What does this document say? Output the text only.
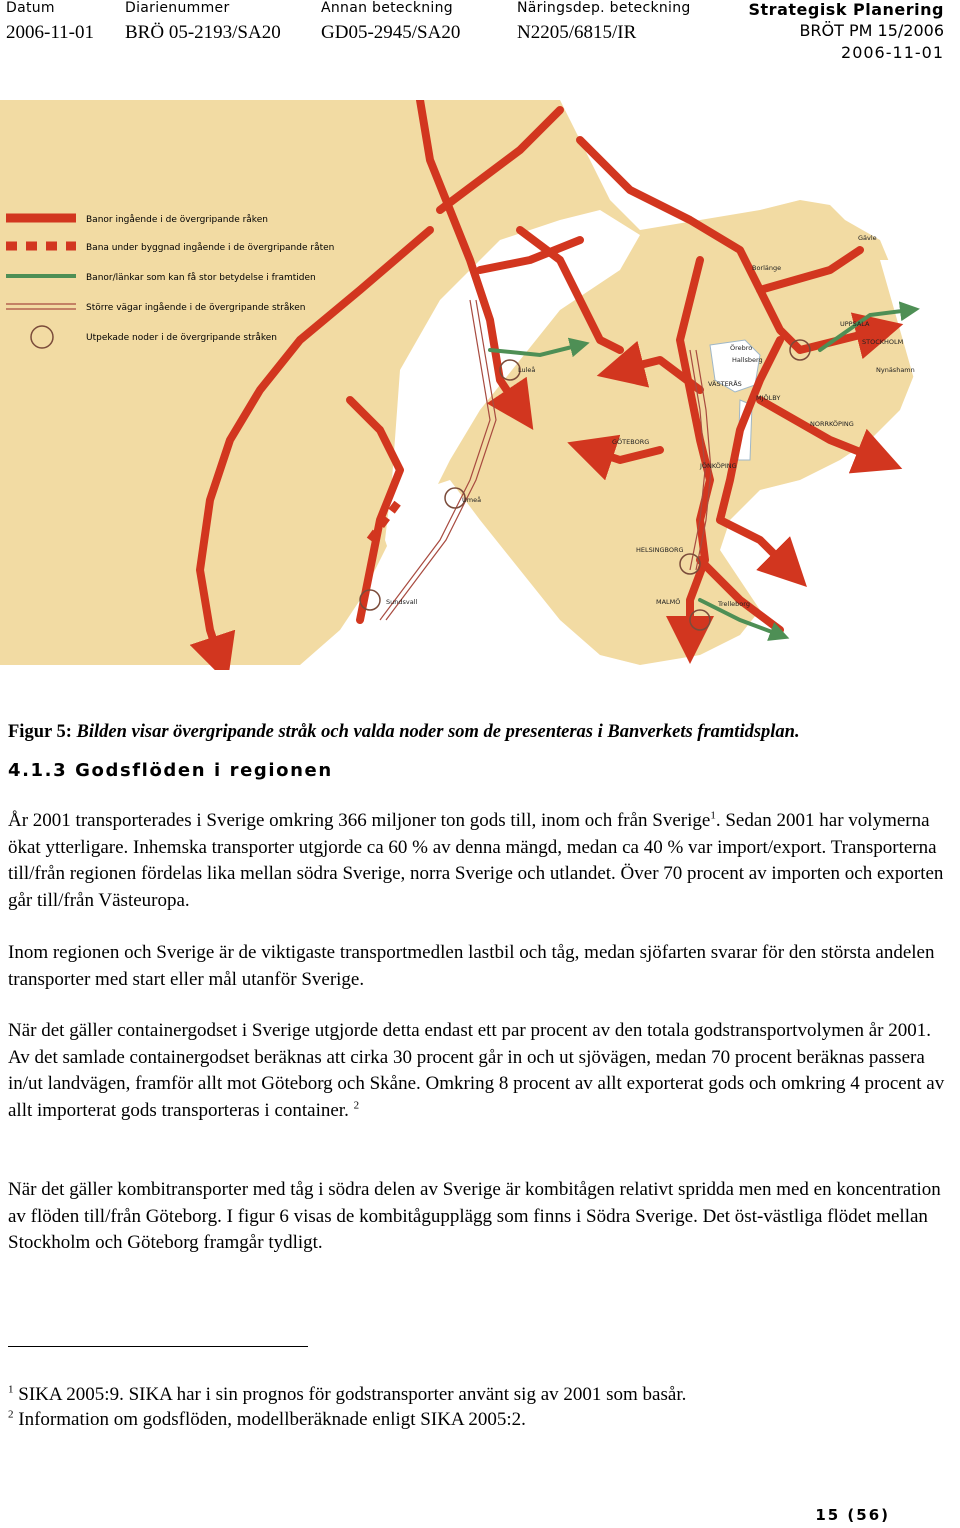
Datum
2006-11-01
Diarienummer
BRÖ 05-2193/SA20
Annan beteckning
GD05-2945/SA20
Näringsdep. beteckning
N2205/6815/IR
Strategisk Planering
BRÖT PM 15/2006
2006-11-01
Banor ingående i de övergripande råken
Bana under byggnad ingående i de övergripande råten
Banor/länkar som kan få stor betydelse i framtiden
Större vägar ingående i de övergripande stråken
Utpekade noder i de övergripande stråken
Luleå
Umeå
Sundsvall
Gävle
Borlänge
UPPSALA
STOCKHOLM
Nynäshamn
Örebro
Hallsberg
VÄSTERÅS
MJÖLBY
NORRKÖPING
GÖTEBORG
JÖNKÖPING
HELSINGBORG
MALMÖ	Trelleborg
Figur 5: Bilden visar övergripande stråk och valda noder som de presenteras i Banverkets framtidsplan.
4.1.3 Godsflöden i regionen
År 2001 transporterades i Sverige omkring 366 miljoner ton gods till, inom och från Sverige$^1$. Sedan 2001 har volymerna ökat ytterligare. Inhemska transporter utgjorde ca 60 % av denna mängd, medan ca 40 % var import/export. Transporterna till/från regionen fördelas lika mellan södra Sverige, norra Sverige och utlandet. Över 70 procent av importen och exporten går till/från Västeuropa.
Inom regionen och Sverige är de viktigaste transportmedlen lastbil och tåg, medan sjöfarten svarar för den största andelen transporter med start eller mål utanför Sverige.
När det gäller containergodset i Sverige utgjorde detta endast ett par procent av den totala godstransportvolymen år 2001. Av det samlade containergodset beräknas att cirka 30 procent går in och ut sjövägen, medan 70 procent beräknas passera in/ut landvägen, framför allt mot Göteborg och Skåne. Omkring 8 procent av allt exporterat gods och omkring 4 procent av allt importerat gods transporteras i container. $^2$
När det gäller kombitransporter med tåg i södra delen av Sverige är kombitågen relativt spridda men med en koncentration av flöden till/från Göteborg. I figur 6 visas de kombitågupplägg som finns i Södra Sverige. Det öst-västliga flödet mellan Stockholm och Göteborg framgår tydligt.
$^1$ SIKA 2005:9. SIKA har i sin prognos för godstransporter använt sig av 2001 som basår.
$^2$ Information om godsflöden, modellberäknade enligt SIKA 2005:2.
15 (56)
